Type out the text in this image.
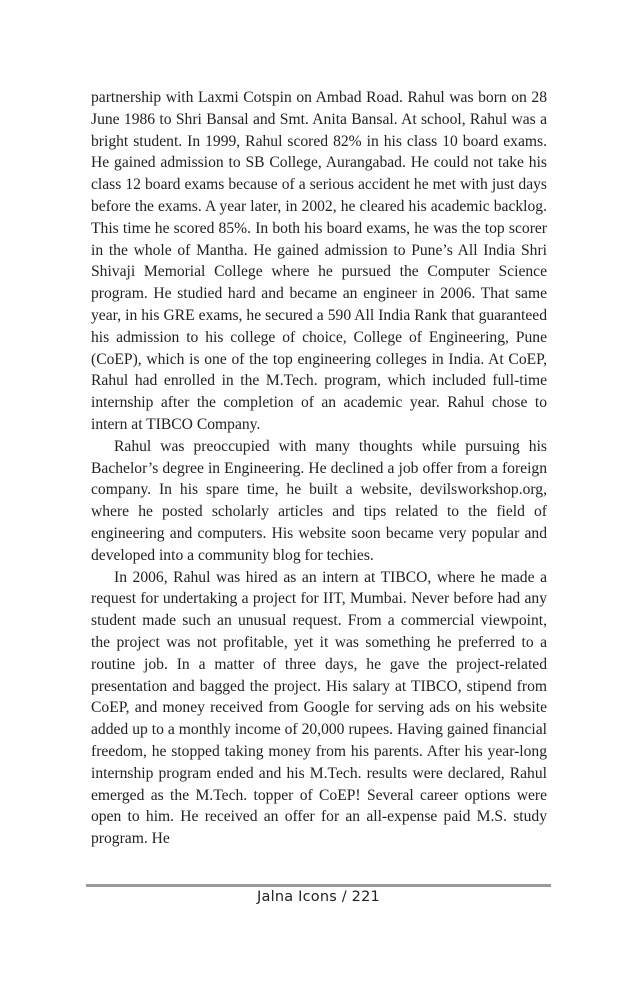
partnership with Laxmi Cotspin on Ambad Road. Rahul was born on 28 June 1986 to Shri Bansal and Smt. Anita Bansal. At school, Rahul was a bright student. In 1999, Rahul scored 82% in his class 10 board exams. He gained admission to SB College, Aurangabad. He could not take his class 12 board exams because of a serious accident he met with just days before the exams. A year later, in 2002, he cleared his academic backlog. This time he scored 85%. In both his board exams, he was the top scorer in the whole of Mantha. He gained admission to Pune’s All India Shri Shivaji Memorial College where he pursued the Computer Science program. He studied hard and became an engineer in 2006. That same year, in his GRE exams, he secured a 590 All India Rank that guaranteed his admission to his college of choice, College of Engineering, Pune (CoEP), which is one of the top engineering colleges in India. At CoEP, Rahul had enrolled in the M.Tech. program, which included full-time internship after the completion of an academic year. Rahul chose to intern at TIBCO Company.

Rahul was preoccupied with many thoughts while pursuing his Bachelor’s degree in Engineering. He declined a job offer from a foreign company. In his spare time, he built a website, devilsworkshop.org, where he posted scholarly articles and tips related to the field of engineering and computers. His website soon became very popular and developed into a community blog for techies.

In 2006, Rahul was hired as an intern at TIBCO, where he made a request for undertaking a project for IIT, Mumbai. Never before had any student made such an unusual request. From a commercial viewpoint, the project was not profitable, yet it was something he preferred to a routine job. In a matter of three days, he gave the project-related presentation and bagged the project. His salary at TIBCO, stipend from CoEP, and money received from Google for serving ads on his website added up to a monthly income of 20,000 rupees. Having gained financial freedom, he stopped taking money from his parents. After his year-long internship program ended and his M.Tech. results were declared, Rahul emerged as the M.Tech. topper of CoEP! Several career options were open to him. He received an offer for an all-expense paid M.S. study program. He

Jalna Icons / 221
